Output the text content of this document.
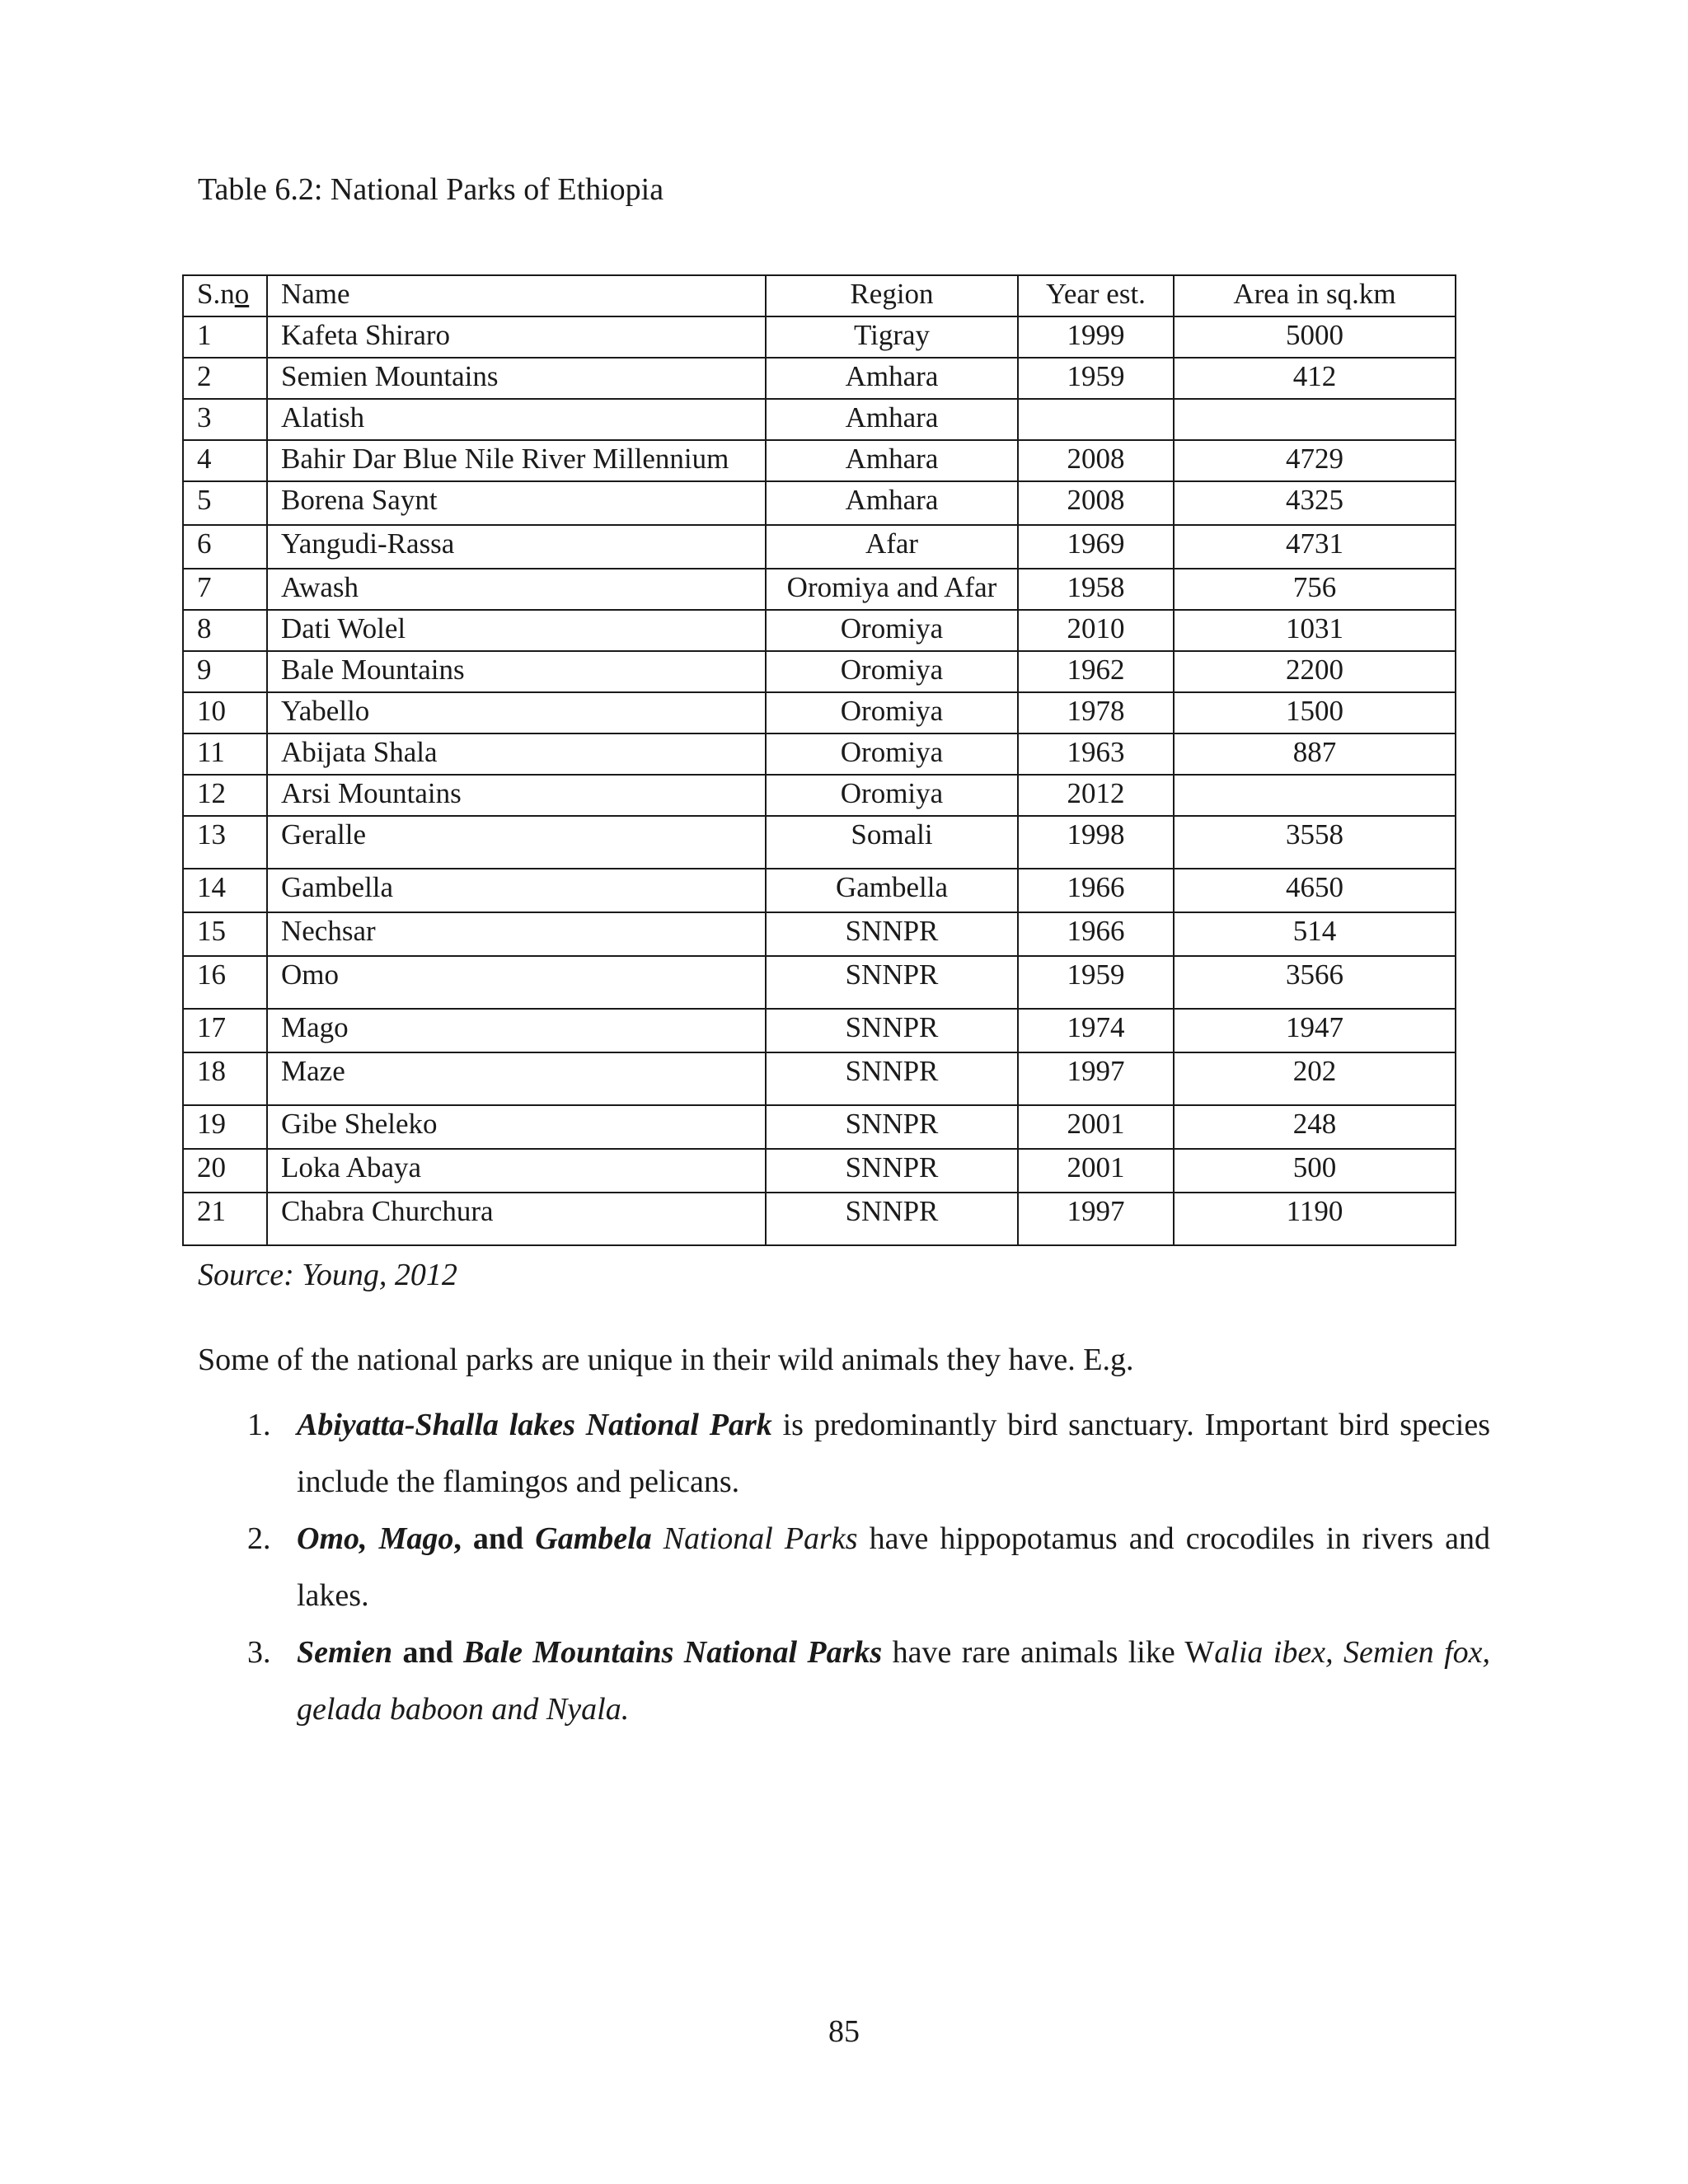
Table 6.2: National Parks of Ethiopia
S.no	Name	Region	Year est.	Area in sq.km
1	Kafeta Shiraro	Tigray	1999	5000
2	Semien Mountains	Amhara	1959	412
3	Alatish	Amhara		
4	Bahir Dar Blue Nile River Millennium	Amhara	2008	4729
5	Borena Saynt	Amhara	2008	4325
6	Yangudi-Rassa	Afar	1969	4731
7	Awash	Oromiya and Afar	1958	756
8	Dati Wolel	Oromiya	2010	1031
9	Bale Mountains	Oromiya	1962	2200
10	Yabello	Oromiya	1978	1500
11	Abijata Shala	Oromiya	1963	887
12	Arsi Mountains	Oromiya	2012	
13	Geralle	Somali	1998	3558
14	Gambella	Gambella	1966	4650
15	Nechsar	SNNPR	1966	514
16	Omo	SNNPR	1959	3566
17	Mago	SNNPR	1974	1947
18	Maze	SNNPR	1997	202
19	Gibe Sheleko	SNNPR	2001	248
20	Loka Abaya	SNNPR	2001	500
21	Chabra Churchura	SNNPR	1997	1190
Source: Young, 2012
Some of the national parks are unique in their wild animals they have. E.g.
1. Abiyatta-Shalla lakes National Park is predominantly bird sanctuary. Important bird species include the flamingos and pelicans.
2. Omo, Mago, and Gambela National Parks have hippopotamus and crocodiles in rivers and lakes.
3. Semien and Bale Mountains National Parks have rare animals like Walia ibex, Semien fox, gelada baboon and Nyala.
85
